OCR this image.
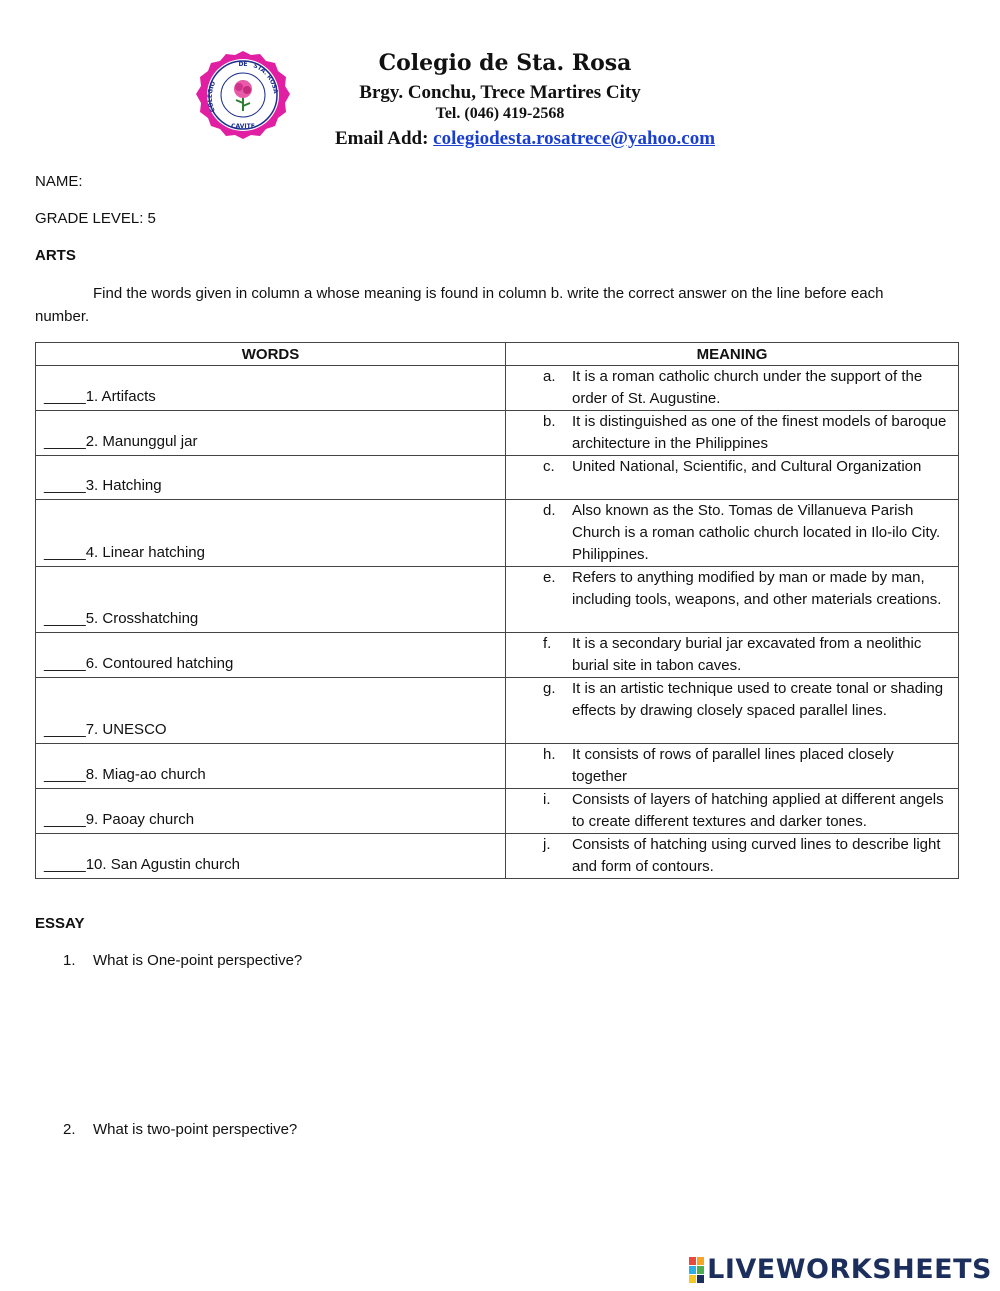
DE
COLEGIO
STA. ROSA
CAVITE
Colegio de Sta. Rosa
Brgy. Conchu, Trece Martires City
Tel. (046) 419-2568
Email Add: colegiodesta.rosatrece@yahoo.com
NAME:
GRADE LEVEL: 5
ARTS
Find the words given in column a whose meaning is found in column b. write the correct answer on the line before each number.
WORDS	MEANING
_____1. Artifacts	a. It is a roman catholic church under the support of the order of St. Augustine.

_____2. Manunggul jar	b. It is distinguished as one of the finest models of baroque architecture in the Philippines

_____3. Hatching	c. United National, Scientific, and Cultural Organization

_____4. Linear hatching	d. Also known as the Sto. Tomas de Villanueva Parish Church is a roman catholic church located in Ilo-ilo City. Philippines.

_____5. Crosshatching	e. Refers to anything modified by man or made by man, including tools, weapons, and other materials creations.

_____6. Contoured hatching	f. It is a secondary burial jar excavated from a neolithic burial site in tabon caves.

_____7. UNESCO	g. It is an artistic technique used to create tonal or shading effects by drawing closely spaced parallel lines.

_____8. Miag-ao church	h. It consists of rows of parallel lines placed closely together

_____9. Paoay church	i. Consists of layers of hatching applied at different angels to create different textures and darker tones.

_____10. San Agustin church	j. Consists of hatching using curved lines to describe light and form of contours.
ESSAY
1. What is One-point perspective?
2. What is two-point perspective?
LIVEWORKSHEETS
